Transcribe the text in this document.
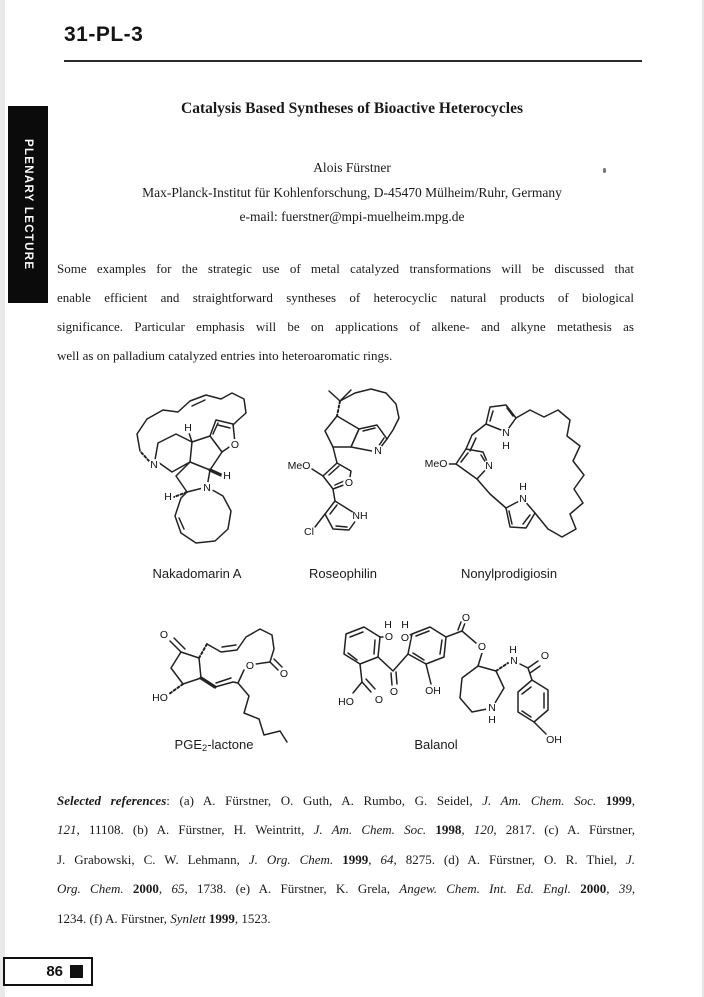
31-PL-3
PLENARY LECTURE
Catalysis Based Syntheses of Bioactive Heterocycles
Alois Fürstner
Max-Planck-Institut für Kohlenforschung, D-45470 Mülheim/Ruhr, Germany
e-mail: fuerstner@mpi-muelheim.mpg.de
Some examples for the strategic use of metal catalyzed transformations will be discussed that
enable efficient and straightforward syntheses of heterocyclic natural products of biological
significance. Particular emphasis will be on applications of alkene- and alkyne metathesis as
well as on palladium catalyzed entries into heteroaromatic rings.
N
H
O
H
N
H
MeO
N
O
NH
Cl
MeO	N
N
H
H
N
Nakadomarin A	Roseophilin	Nonylprodigiosin
O
HO
O
O
H
O
H
O
O
O
O	OH
HO O
H
N O
N
H
OH
PGE2-lactone	Balanol
Selected references: (a) A. Fürstner, O. Guth, A. Rumbo, G. Seidel, J. Am. Chem. Soc. 1999,
121, 11108. (b) A. Fürstner, H. Weintritt, J. Am. Chem. Soc. 1998, 120, 2817. (c) A. Fürstner,
J. Grabowski, C. W. Lehmann, J. Org. Chem. 1999, 64, 8275. (d) A. Fürstner, O. R. Thiel, J.
Org. Chem. 2000, 65, 1738. (e) A. Fürstner, K. Grela, Angew. Chem. Int. Ed. Engl. 2000, 39,
1234. (f) A. Fürstner, Synlett 1999, 1523.
86
